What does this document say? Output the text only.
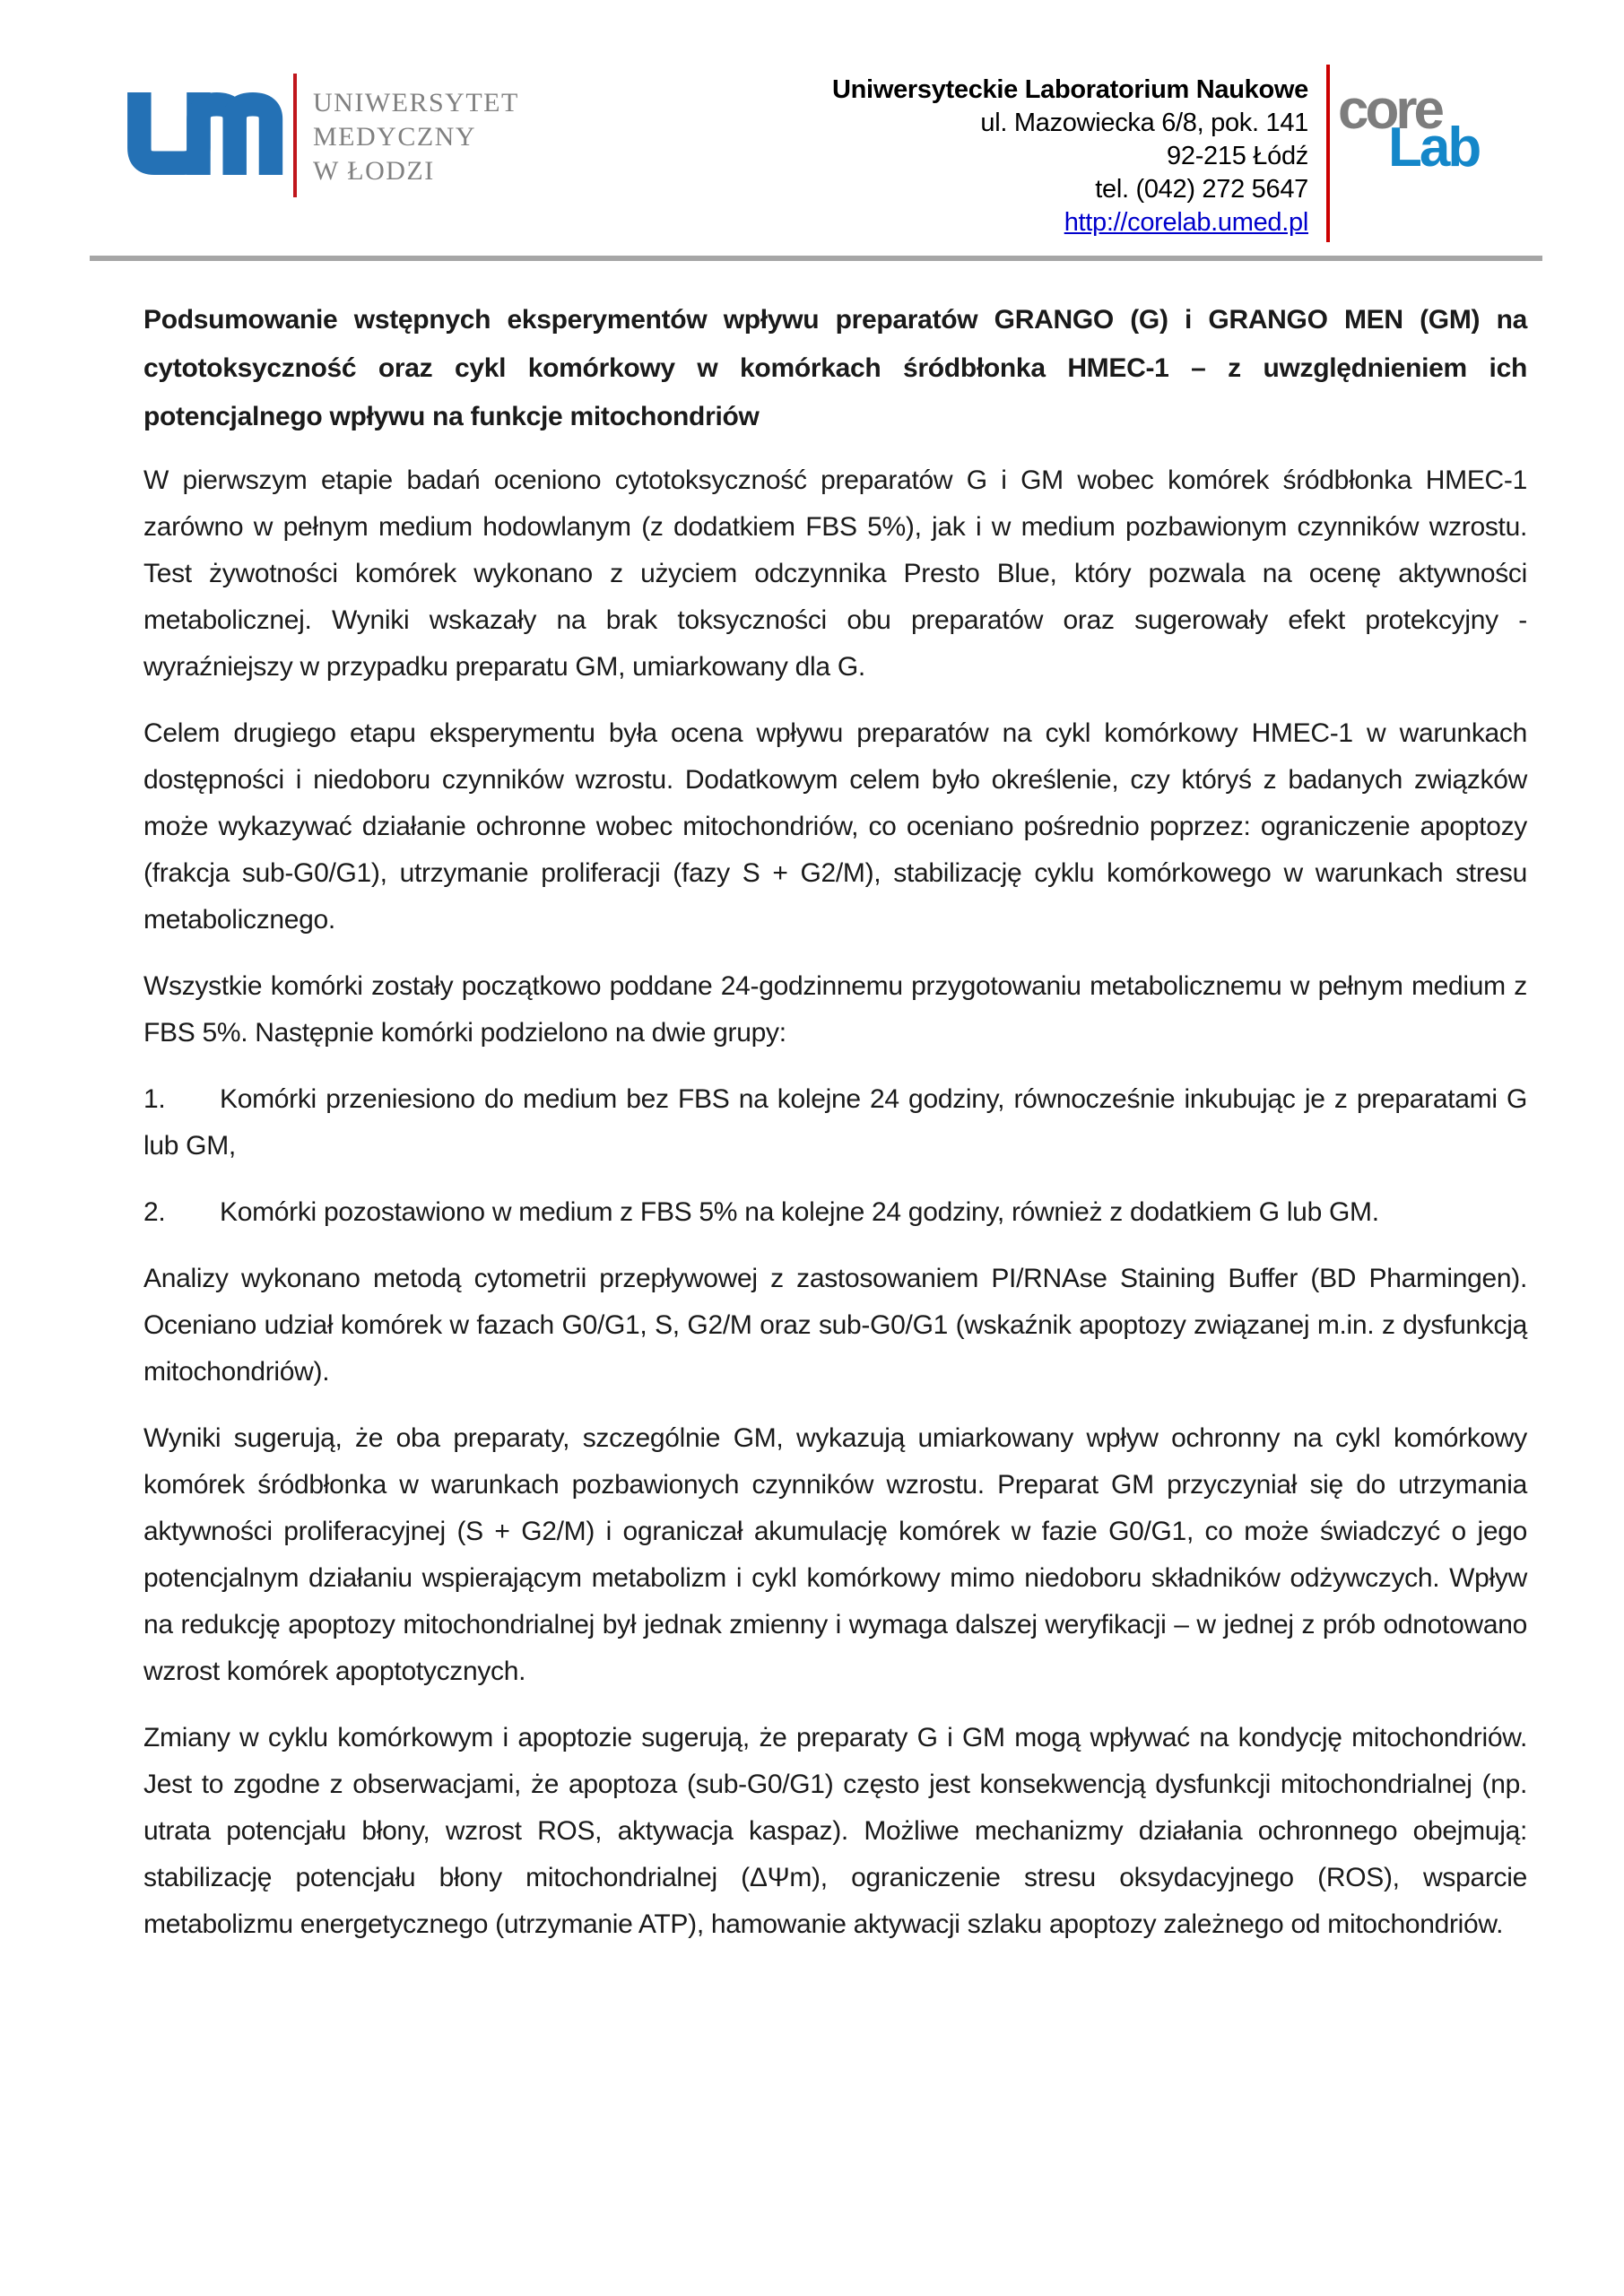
UNIWERSYTET
MEDYCZNY
W ŁODZI
Uniwersyteckie Laboratorium Naukowe
ul. Mazowiecka 6/8, pok. 141
92-215 Łódź
tel. (042) 272 5647
http://corelab.umed.pl
core
Lab
Podsumowanie wstępnych eksperymentów wpływu preparatów GRANGO (G) i GRANGO MEN (GM) na cytotoksyczność oraz cykl komórkowy w komórkach śródbłonka HMEC-1 – z uwzględnieniem ich potencjalnego wpływu na funkcje mitochondriów

W pierwszym etapie badań oceniono cytotoksyczność preparatów G i GM wobec komórek śródbłonka HMEC-1 zarówno w pełnym medium hodowlanym (z dodatkiem FBS 5%), jak i w medium pozbawionym czynników wzrostu. Test żywotności komórek wykonano z użyciem odczynnika Presto Blue, który pozwala na ocenę aktywności metabolicznej. Wyniki wskazały na brak toksyczności obu preparatów oraz sugerowały efekt protekcyjny - wyraźniejszy w przypadku preparatu GM, umiarkowany dla G.

Celem drugiego etapu eksperymentu była ocena wpływu preparatów na cykl komórkowy HMEC-1 w warunkach dostępności i niedoboru czynników wzrostu. Dodatkowym celem było określenie, czy któryś z badanych związków może wykazywać działanie ochronne wobec mitochondriów, co oceniano pośrednio poprzez: ograniczenie apoptozy (frakcja sub-G0/G1), utrzymanie proliferacji (fazy S + G2/M), stabilizację cyklu komórkowego w warunkach stresu metabolicznego.

Wszystkie komórki zostały początkowo poddane 24-godzinnemu przygotowaniu metabolicznemu w pełnym medium z FBS 5%. Następnie komórki podzielono na dwie grupy:

1. Komórki przeniesiono do medium bez FBS na kolejne 24 godziny, równocześnie inkubując je z preparatami G lub GM,

2. Komórki pozostawiono w medium z FBS 5% na kolejne 24 godziny, również z dodatkiem G lub GM.

Analizy wykonano metodą cytometrii przepływowej z zastosowaniem PI/RNAse Staining Buffer (BD Pharmingen). Oceniano udział komórek w fazach G0/G1, S, G2/M oraz sub-G0/G1 (wskaźnik apoptozy związanej m.in. z dysfunkcją mitochondriów).

Wyniki sugerują, że oba preparaty, szczególnie GM, wykazują umiarkowany wpływ ochronny na cykl komórkowy komórek śródbłonka w warunkach pozbawionych czynników wzrostu. Preparat GM przyczyniał się do utrzymania aktywności proliferacyjnej (S + G2/M) i ograniczał akumulację komórek w fazie G0/G1, co może świadczyć o jego potencjalnym działaniu wspierającym metabolizm i cykl komórkowy mimo niedoboru składników odżywczych. Wpływ na redukcję apoptozy mitochondrialnej był jednak zmienny i wymaga dalszej weryfikacji – w jednej z prób odnotowano wzrost komórek apoptotycznych.

Zmiany w cyklu komórkowym i apoptozie sugerują, że preparaty G i GM mogą wpływać na kondycję mitochondriów. Jest to zgodne z obserwacjami, że apoptoza (sub-G0/G1) często jest konsekwencją dysfunkcji mitochondrialnej (np. utrata potencjału błony, wzrost ROS, aktywacja kaspaz). Możliwe mechanizmy działania ochronnego obejmują: stabilizację potencjału błony mitochondrialnej (ΔΨm), ograniczenie stresu oksydacyjnego (ROS), wsparcie metabolizmu energetycznego (utrzymanie ATP), hamowanie aktywacji szlaku apoptozy zależnego od mitochondriów.
